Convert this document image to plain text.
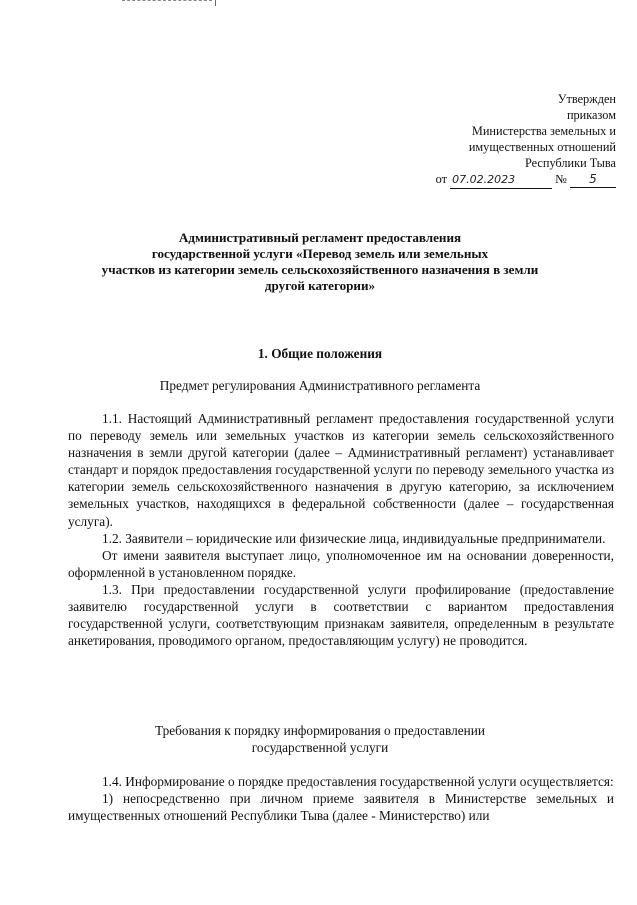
Утвержден
приказом
Министерства земельных и
имущественных отношений
Республики Тыва
от 07.02.2023	№ 5
Административный регламент предоставления
государственной услуги «Перевод земель или земельных
участков из категории земель сельскохозяйственного назначения в земли
другой категории»
1. Общие положения
Предмет регулирования Административного регламента

1.1. Настоящий Административный регламент предоставления государственной услуги по переводу земель или земельных участков из категории земель сельскохозяйственного назначения в земли другой категории (далее – Административный регламент) устанавливает стандарт и порядок предоставления государственной услуги по переводу земельного участка из категории земель сельскохозяйственного назначения в другую категорию, за исключением земельных участков, находящихся в федеральной собственности (далее – государственная услуга).

1.2. Заявители – юридические или физические лица, индивидуальные предприниматели.

От имени заявителя выступает лицо, уполномоченное им на основании доверенности, оформленной в установленном порядке.

1.3. При предоставлении государственной услуги профилирование (предоставление заявителю государственной услуги в соответствии с вариантом предоставления государственной услуги, соответствующим признакам заявителя, определенным в результате анкетирования, проводимого органом, предоставляющим услугу) не проводится.

Требования к порядку информирования о предоставлении
государственной услуги

1.4. Информирование о порядке предоставления государственной услуги осуществляется:

1) непосредственно при личном приеме заявителя в Министерстве земельных и имущественных отношений Республики Тыва (далее - Министерство) или
